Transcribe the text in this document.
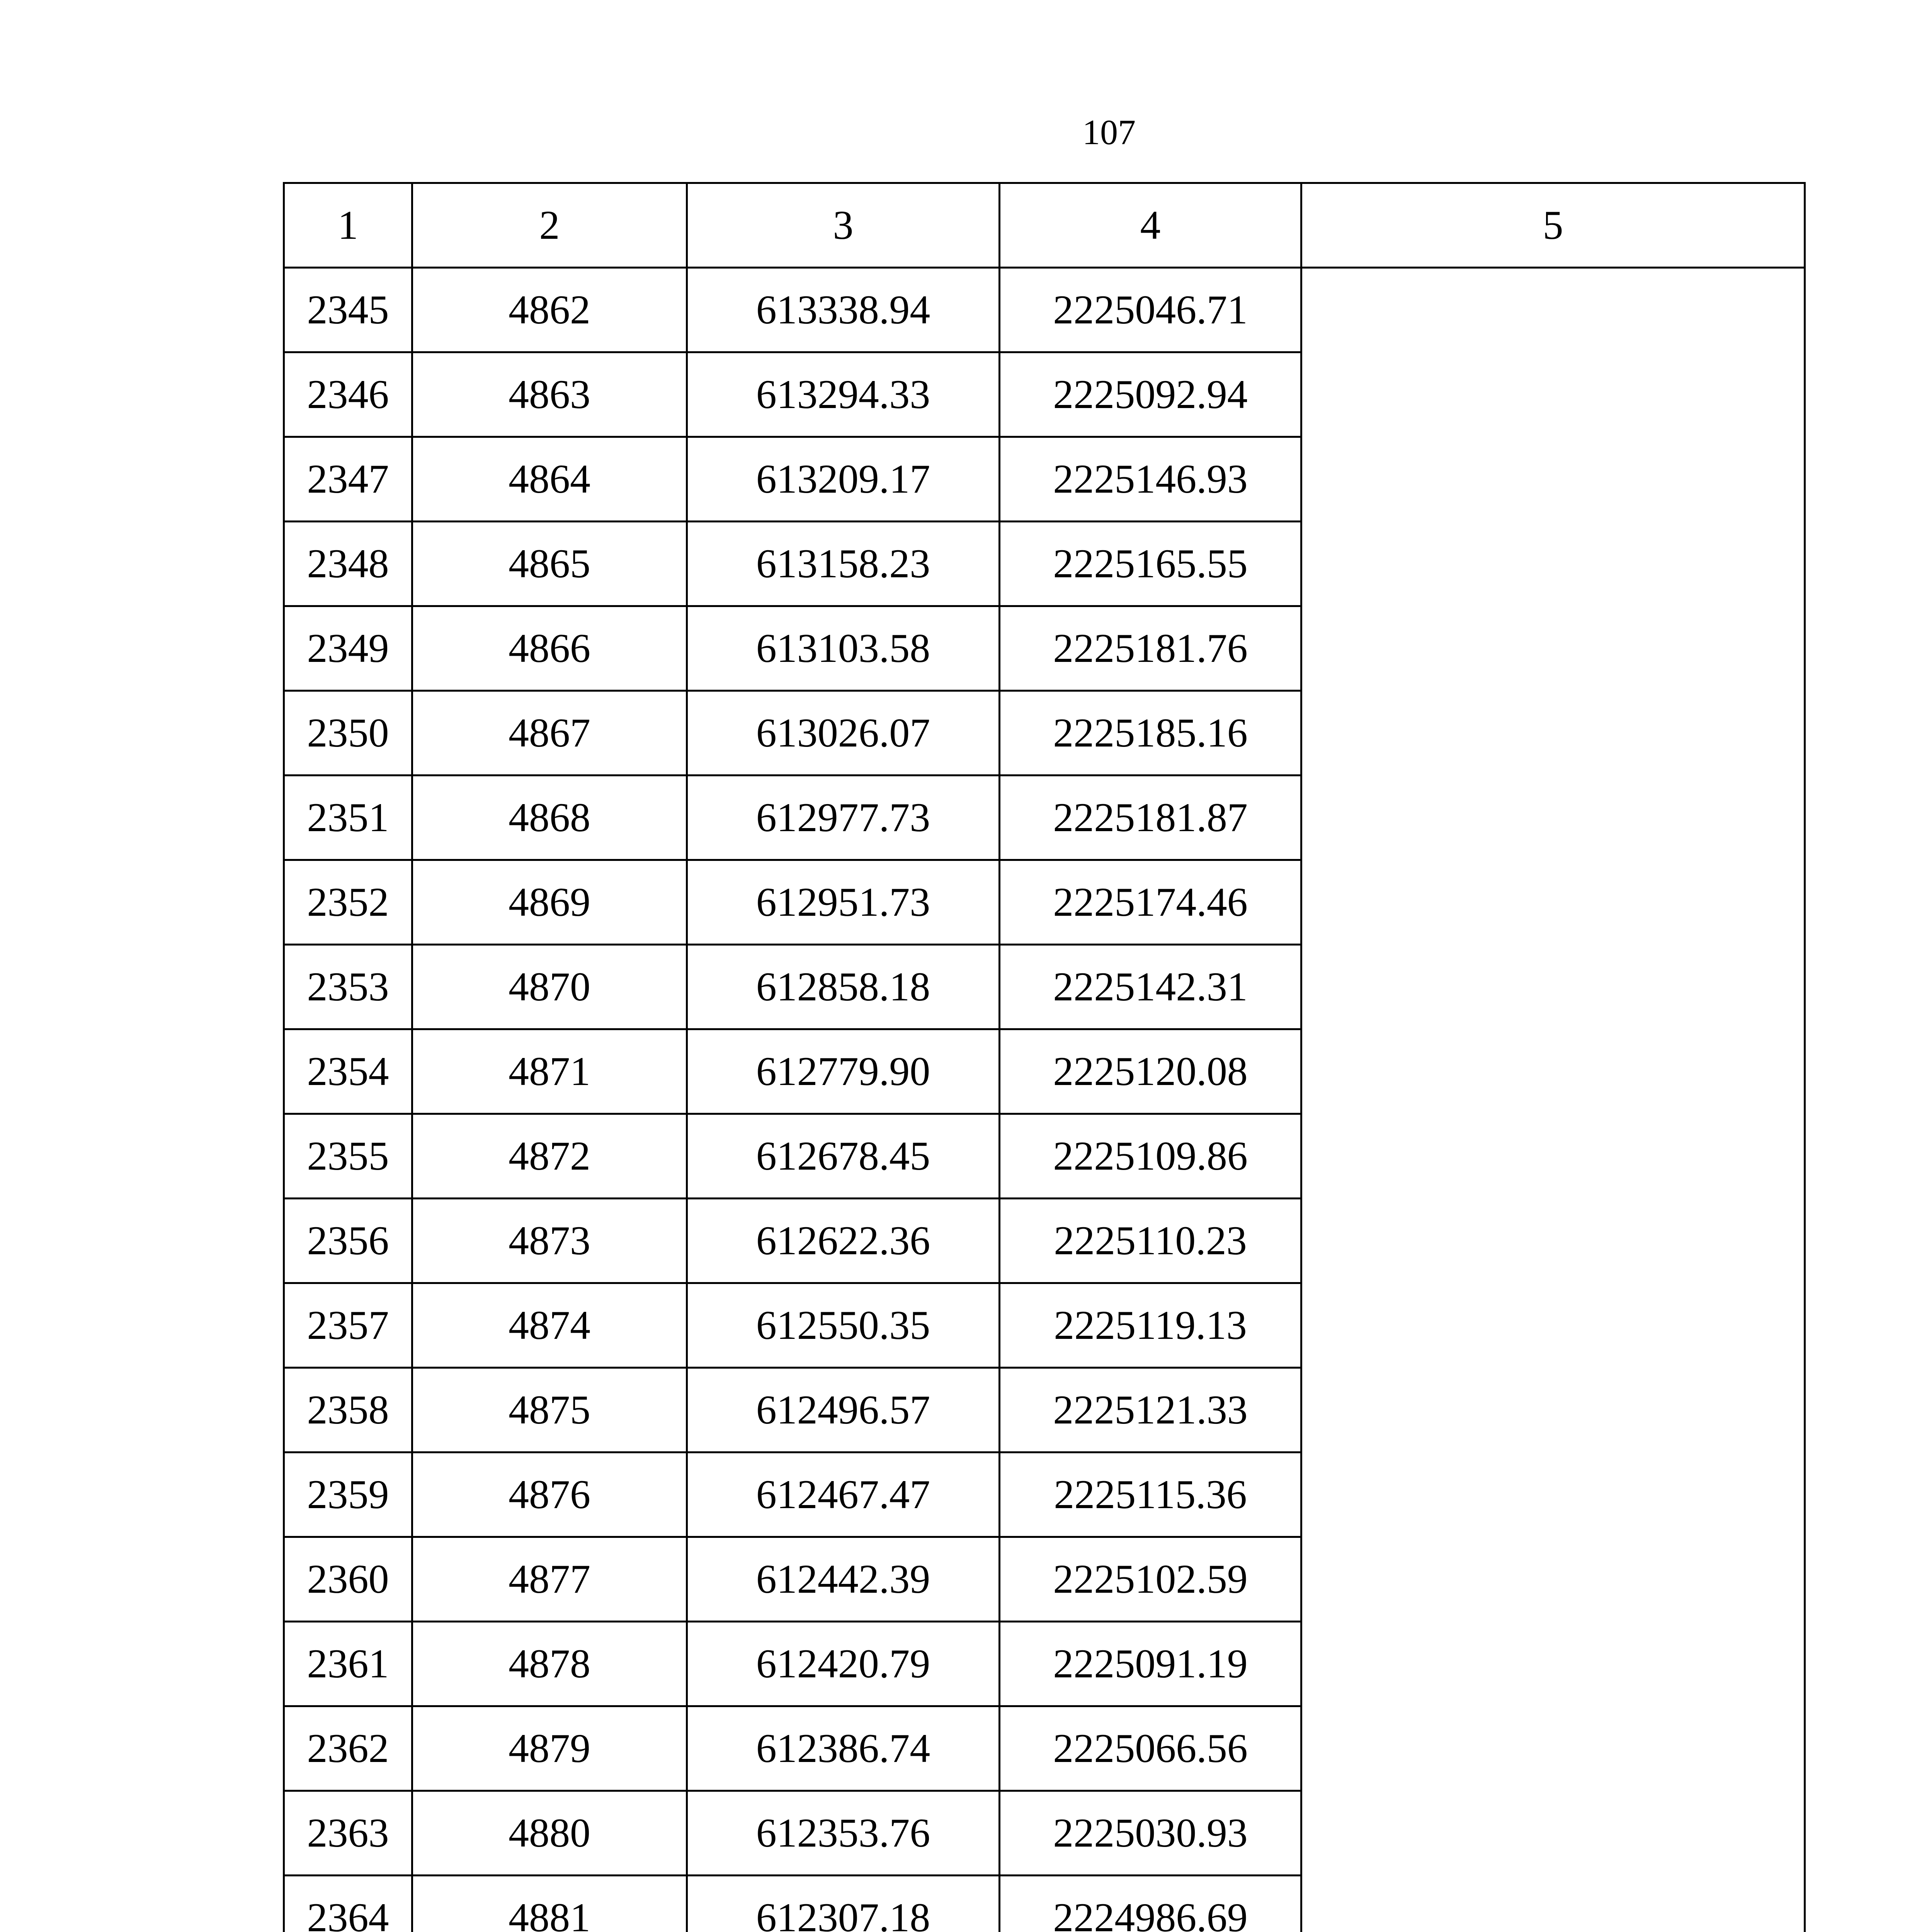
107
1	2	3	4	5
2345	4862	613338.94	2225046.71	
2346	4863	613294.33	2225092.94	
2347	4864	613209.17	2225146.93	
2348	4865	613158.23	2225165.55	
2349	4866	613103.58	2225181.76	
2350	4867	613026.07	2225185.16	
2351	4868	612977.73	2225181.87	
2352	4869	612951.73	2225174.46	
2353	4870	612858.18	2225142.31	
2354	4871	612779.90	2225120.08	
2355	4872	612678.45	2225109.86	
2356	4873	612622.36	2225110.23	
2357	4874	612550.35	2225119.13	
2358	4875	612496.57	2225121.33	
2359	4876	612467.47	2225115.36	
2360	4877	612442.39	2225102.59	
2361	4878	612420.79	2225091.19	
2362	4879	612386.74	2225066.56	
2363	4880	612353.76	2225030.93	
2364	4881	612307.18	2224986.69	
